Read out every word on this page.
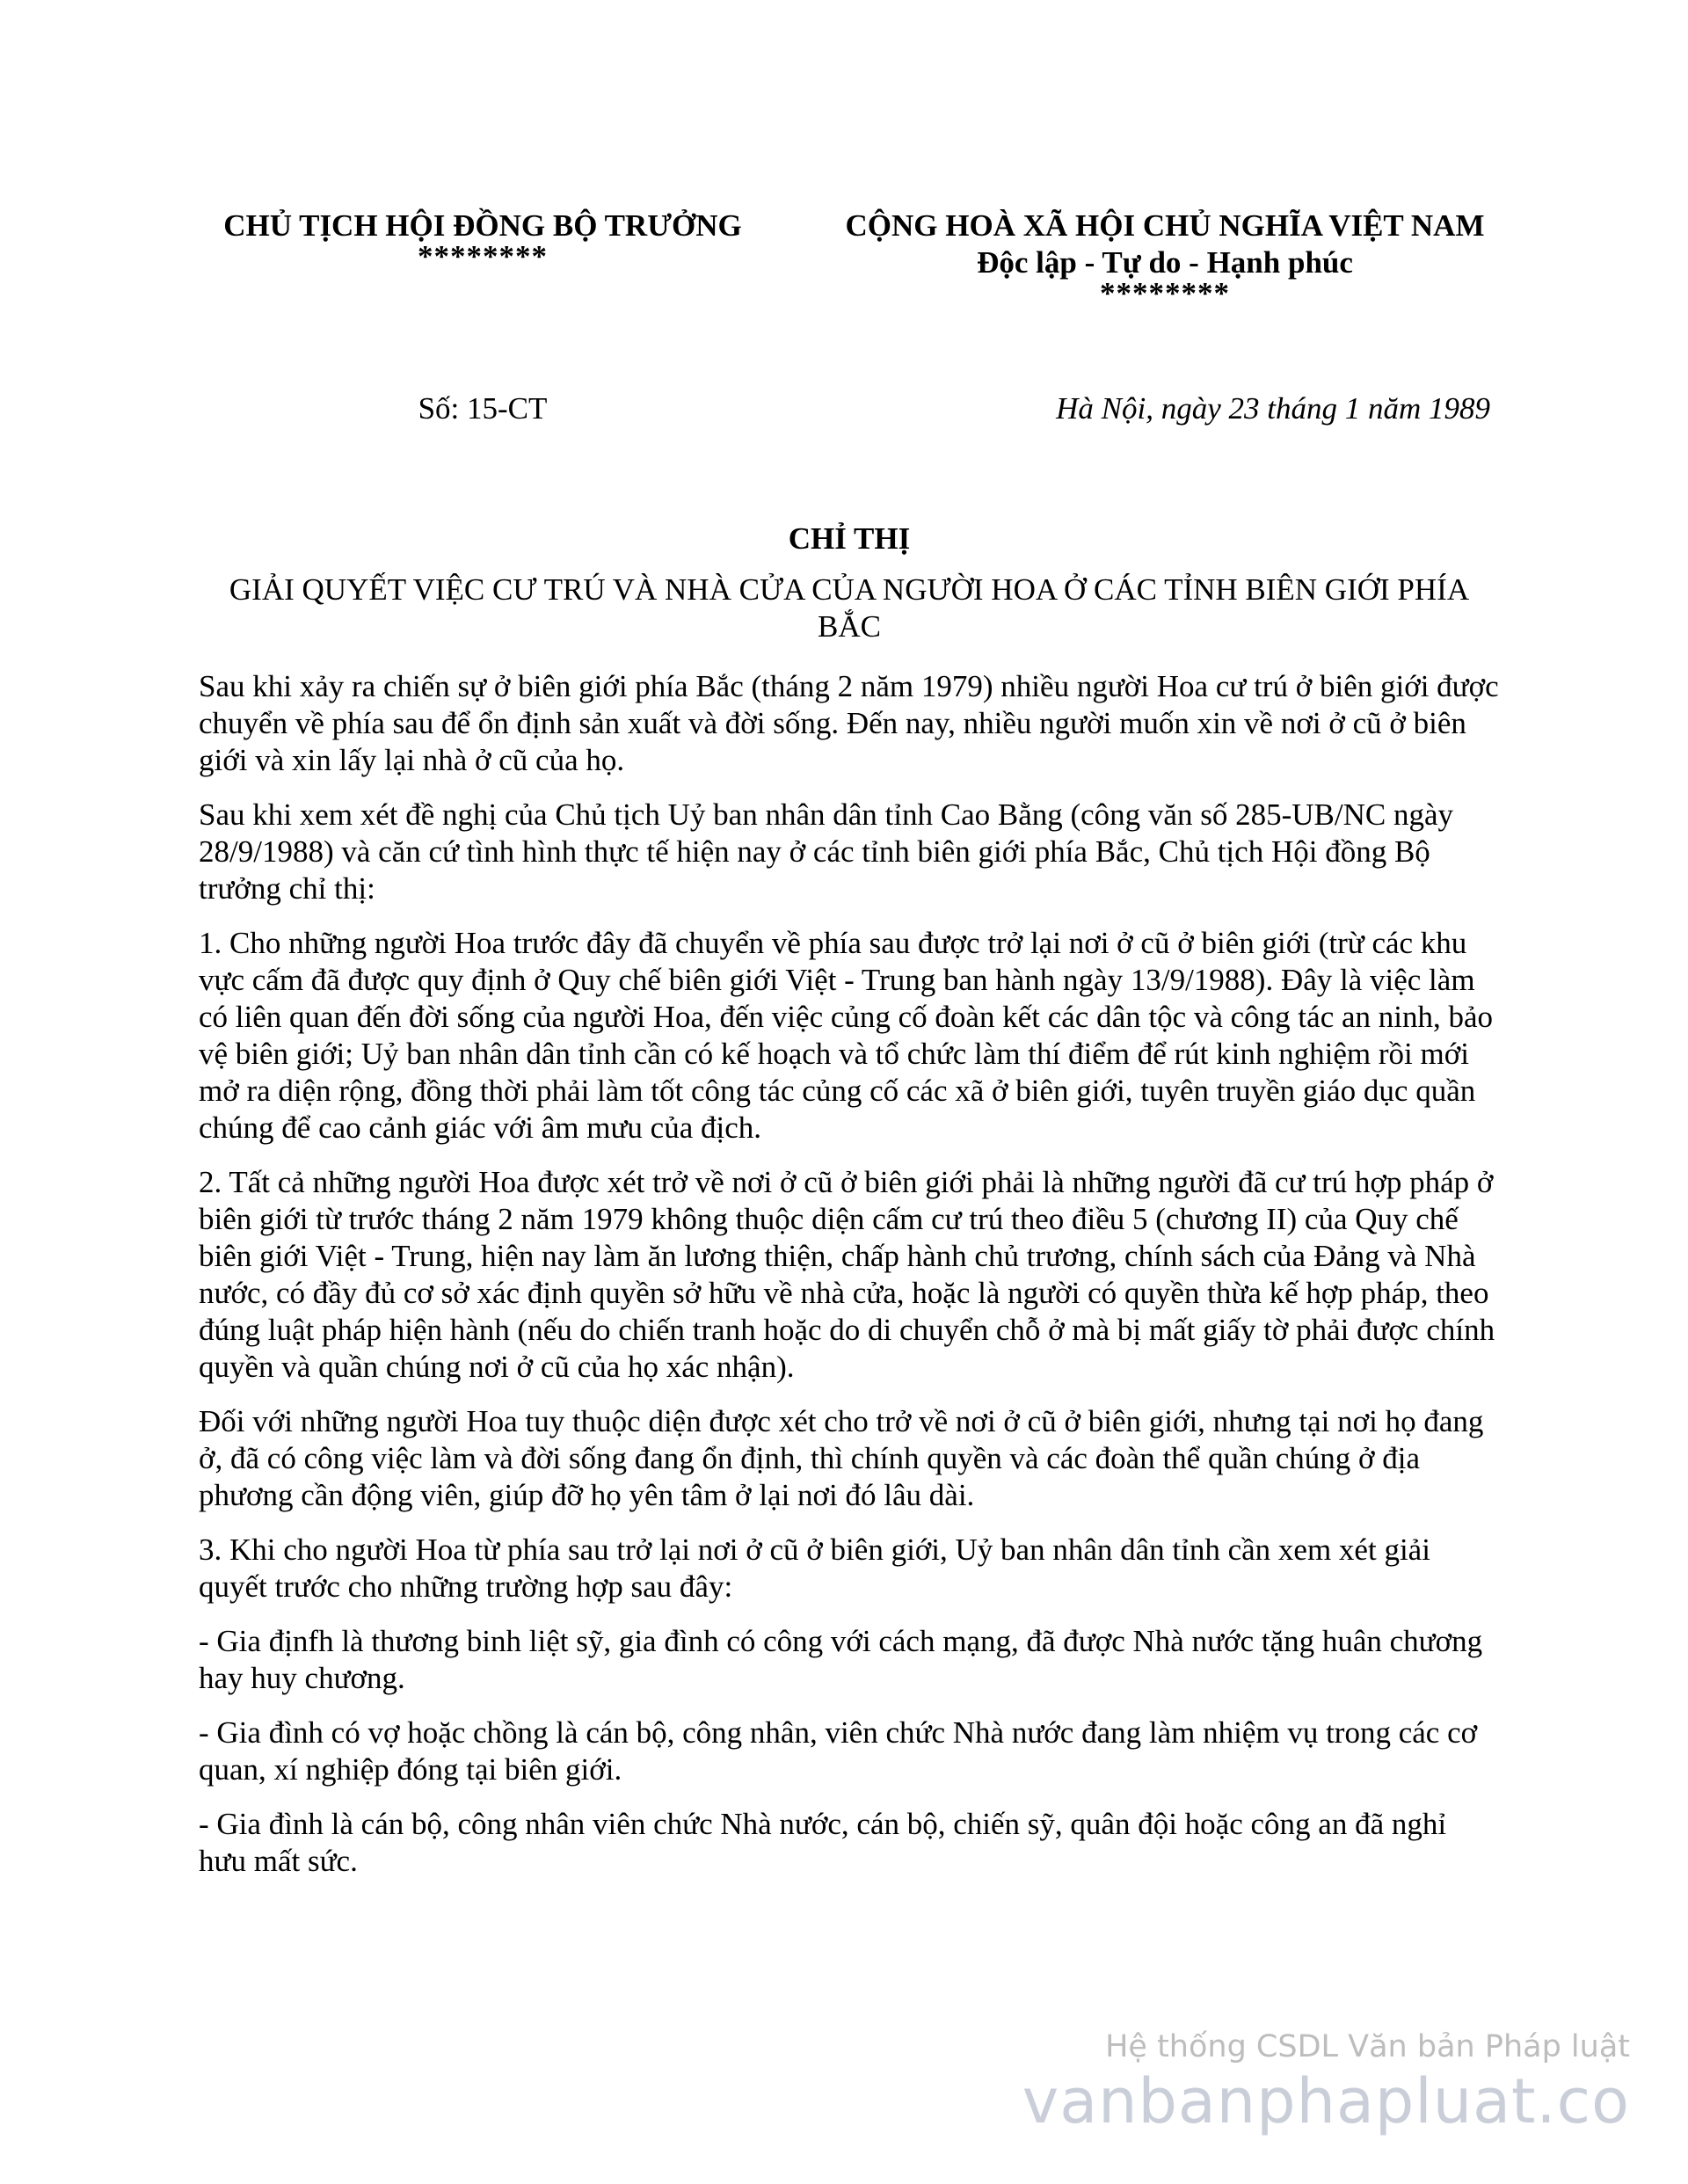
CHỦ TỊCH HỘI ĐỒNG BỘ TRƯỞNG
********
CỘNG HOÀ XÃ HỘI CHỦ NGHĨA VIỆT NAM
Độc lập - Tự do - Hạnh phúc
********
Số: 15-CT	Hà Nội, ngày 23 tháng 1 năm 1989
CHỈ THỊ
GIẢI QUYẾT VIỆC CƯ TRÚ VÀ NHÀ CỬA CỦA NGƯỜI HOA Ở CÁC TỈNH BIÊN GIỚI PHÍA BẮC

Sau khi xảy ra chiến sự ở biên giới phía Bắc (tháng 2 năm 1979) nhiều người Hoa cư trú ở biên giới được chuyển về phía sau để ổn định sản xuất và đời sống. Đến nay, nhiều người muốn xin về nơi ở cũ ở biên giới và xin lấy lại nhà ở cũ của họ.

Sau khi xem xét đề nghị của Chủ tịch Uỷ ban nhân dân tỉnh Cao Bằng (công văn số 285-UB/NC ngày 28/9/1988) và căn cứ tình hình thực tế hiện nay ở các tỉnh biên giới phía Bắc, Chủ tịch Hội đồng Bộ trưởng chỉ thị:

1. Cho những người Hoa trước đây đã chuyển về phía sau được trở lại nơi ở cũ ở biên giới (trừ các khu vực cấm đã được quy định ở Quy chế biên giới Việt - Trung ban hành ngày 13/9/1988). Đây là việc làm có liên quan đến đời sống của người Hoa, đến việc củng cố đoàn kết các dân tộc và công tác an ninh, bảo vệ biên giới; Uỷ ban nhân dân tỉnh cần có kế hoạch và tổ chức làm thí điểm để rút kinh nghiệm rồi mới mở ra diện rộng, đồng thời phải làm tốt công tác củng cố các xã ở biên giới, tuyên truyền giáo dục quần chúng để cao cảnh giác với âm mưu của địch.

2. Tất cả những người Hoa được xét trở về nơi ở cũ ở biên giới phải là những người đã cư trú hợp pháp ở biên giới từ trước tháng 2 năm 1979 không thuộc diện cấm cư trú theo điều 5 (chương II) của Quy chế biên giới Việt - Trung, hiện nay làm ăn lương thiện, chấp hành chủ trương, chính sách của Đảng và Nhà nước, có đầy đủ cơ sở xác định quyền sở hữu về nhà cửa, hoặc là người có quyền thừa kế hợp pháp, theo đúng luật pháp hiện hành (nếu do chiến tranh hoặc do di chuyển chỗ ở mà bị mất giấy tờ phải được chính quyền và quần chúng nơi ở cũ của họ xác nhận).

Đối với những người Hoa tuy thuộc diện được xét cho trở về nơi ở cũ ở biên giới, nhưng tại nơi họ đang ở, đã có công việc làm và đời sống đang ổn định, thì chính quyền và các đoàn thể quần chúng ở địa phương cần động viên, giúp đỡ họ yên tâm ở lại nơi đó lâu dài.

3. Khi cho người Hoa từ phía sau trở lại nơi ở cũ ở biên giới, Uỷ ban nhân dân tỉnh cần xem xét giải quyết trước cho những trường hợp sau đây:

- Gia địnfh là thương binh liệt sỹ, gia đình có công với cách mạng, đã được Nhà nước tặng huân chương hay huy chương.

- Gia đình có vợ hoặc chồng là cán bộ, công nhân, viên chức Nhà nước đang làm nhiệm vụ trong các cơ quan, xí nghiệp đóng tại biên giới.

- Gia đình là cán bộ, công nhân viên chức Nhà nước, cán bộ, chiến sỹ, quân đội hoặc công an đã nghỉ hưu mất sức.

Hệ thống CSDL Văn bản Pháp luật
vanbanphapluat.co
